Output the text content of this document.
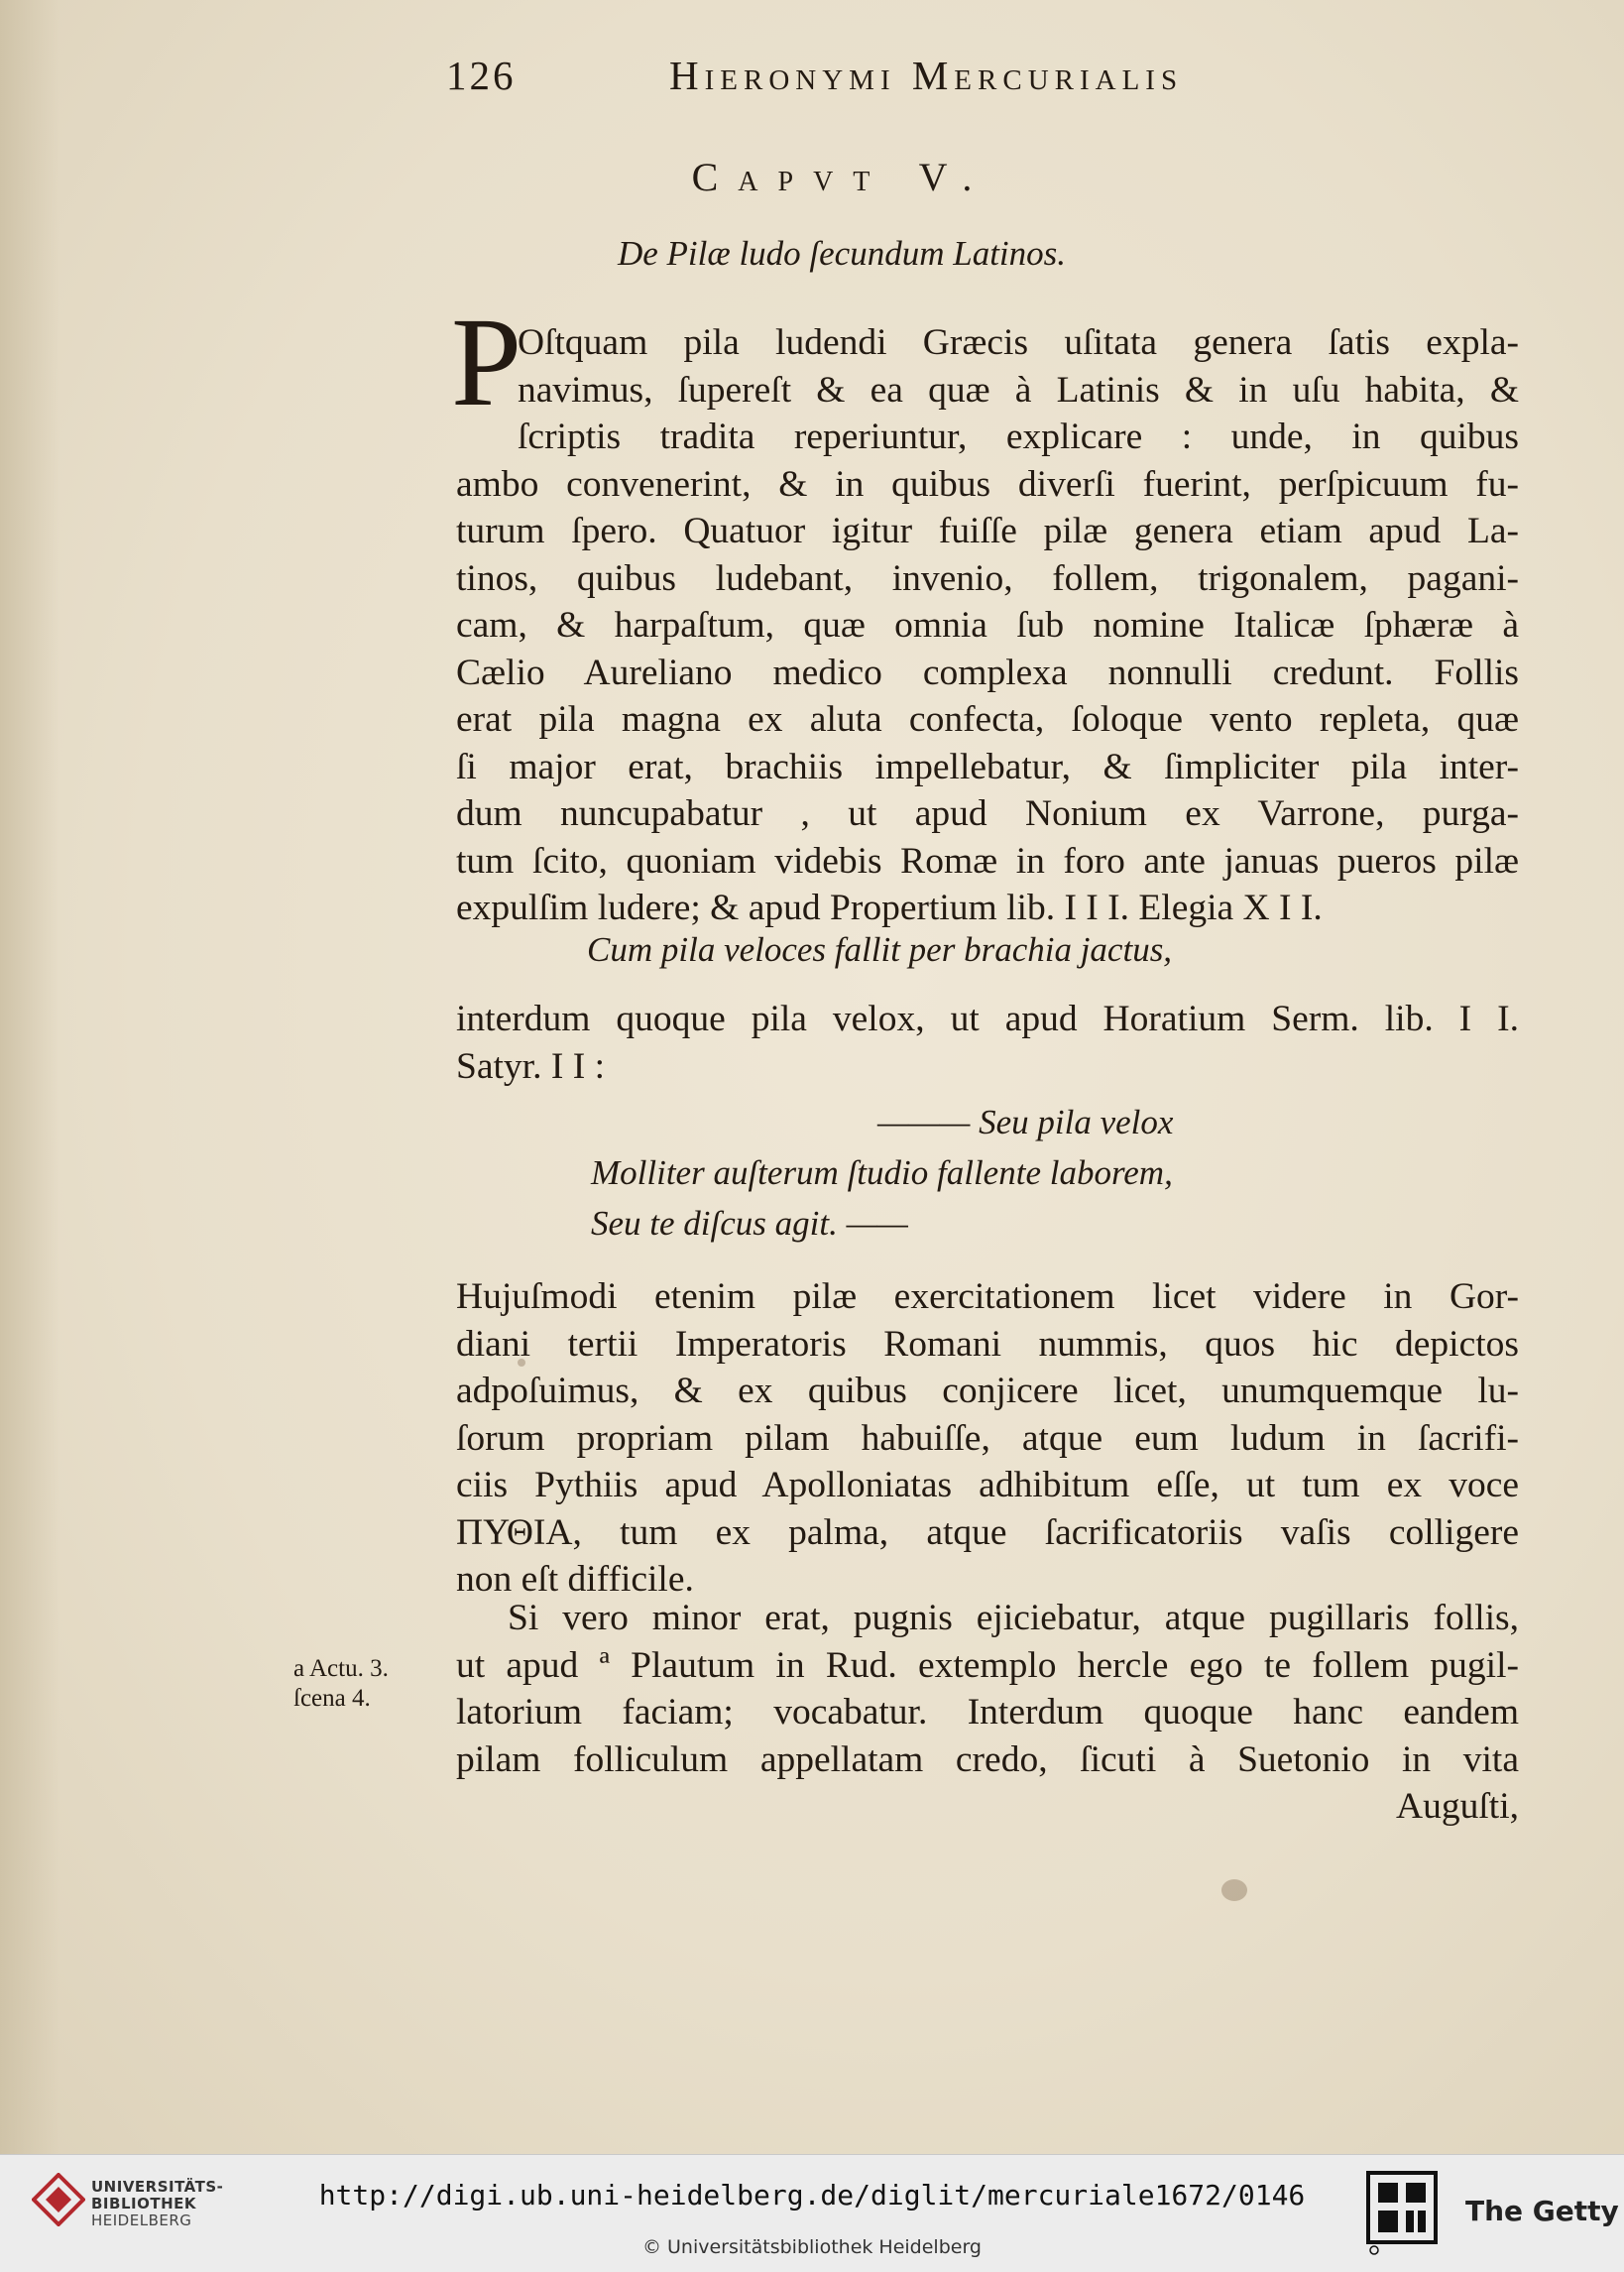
126	Hieronymi Mercurialis
Capvt V.
De Pilæ ludo ſecundum Latinos.
P
Oſtquam pila ludendi Græcis uſitata genera ſatis expla-
navimus, ſupereſt & ea quæ à Latinis & in uſu habita, &
ſcriptis tradita reperiuntur, explicare : unde, in quibus
ambo convenerint, & in quibus diverſi fuerint, perſpicuum fu-
turum ſpero. Quatuor igitur fuiſſe pilæ genera etiam apud La-
tinos, quibus ludebant, invenio, follem, trigonalem, pagani-
cam, & harpaſtum, quæ omnia ſub nomine Italicæ ſphæræ à
Cælio Aureliano medico complexa nonnulli credunt. Follis
erat pila magna ex aluta confecta, ſoloque vento repleta, quæ
ſi major erat, brachiis impellebatur, & ſimpliciter pila inter-
dum nuncupabatur , ut apud Nonium ex Varrone, purga-
tum ſcito, quoniam videbis Romæ in foro ante januas pueros pilæ
expulſim ludere; & apud Propertium lib. I I I. Elegia X I I.
Cum pila veloces fallit per brachia jactus,
interdum quoque pila velox, ut apud Horatium Serm. lib. I I.
Satyr. I I :
——— Seu pila velox
Molliter auſterum ſtudio fallente laborem,
Seu te diſcus agit. ——
Hujuſmodi etenim pilæ exercitationem licet videre in Gor-
diani tertii Imperatoris Romani nummis, quos hic depictos
adpoſuimus, & ex quibus conjicere licet, unumquemque lu-
ſorum propriam pilam habuiſſe, atque eum ludum in ſacrifi-
ciis Pythiis apud Apolloniatas adhibitum eſſe, ut tum ex voce
ΠΥΘΙΑ, tum ex palma, atque ſacrificatoriis vaſis colligere
non eſt difficile.
Si vero minor erat, pugnis ejiciebatur, atque pugillaris follis,
ut apud ª Plautum in Rud. extemplo hercle ego te follem pugil-
latorium faciam; vocabatur. Interdum quoque hanc eandem
pilam folliculum appellatam credo, ſicuti à Suetonio in vita
Auguſti,
a Actu. 3.
ſcena 4.
UNIVERSITÄTS-
BIBLIOTHEK
HEIDELBERG
http://digi.ub.uni-heidelberg.de/diglit/mercuriale1672/0146
© Universitätsbibliothek Heidelberg
The Getty
